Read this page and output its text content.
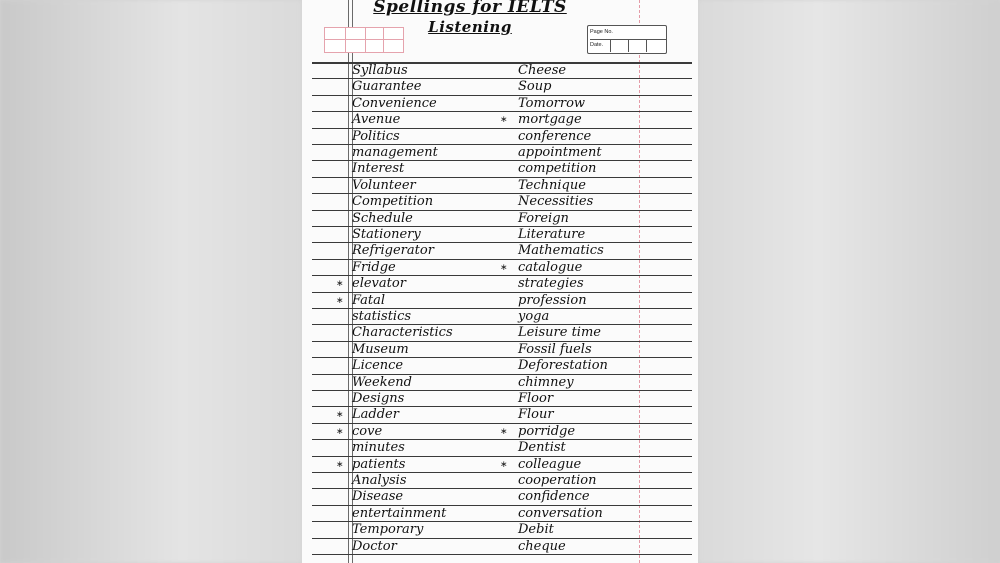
Spellings for IELTS
Listening	Page No.
Date.
Syllabus
Guarantee
Convenience
Avenue
Politics
management
Interest
Volunteer
Competition
Schedule
Stationery
Refrigerator
Fridge
elevator
∗
Fatal
∗
statistics
Characteristics
Museum
Licence
Weekend
Designs
Ladder
∗
cove
∗
minutes
patients
∗
Analysis
Disease
entertainment
Temporary
Doctor
Cheese
Soup
Tomorrow
mortgage
∗
conference
appointment
competition
Technique
Necessities
Foreign
Literature
Mathematics
catalogue
∗
strategies
profession
yoga
Leisure time
Fossil fuels
Deforestation
chimney
Floor
Flour
porridge
∗
Dentist
colleague
∗
cooperation
confidence
conversation
Debit
cheque
